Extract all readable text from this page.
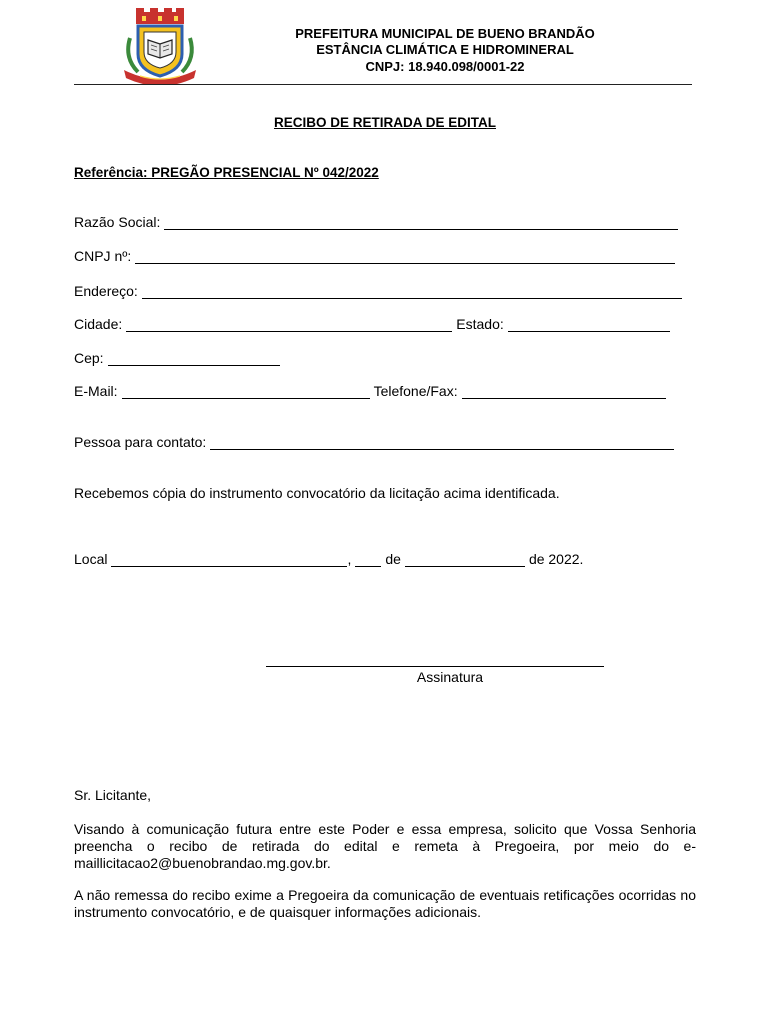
PREFEITURA MUNICIPAL DE BUENO BRANDÃO
ESTÂNCIA CLIMÁTICA E HIDROMINERAL
CNPJ: 18.940.098/0001-22
RECIBO DE RETIRADA DE EDITAL
Referência: PREGÃO PRESENCIAL Nº 042/2022
Razão Social:
CNPJ nº:
Endereço:
Cidade:	Estado:
Cep:
E-Mail:	Telefone/Fax:
Pessoa para contato:
Recebemos cópia do instrumento convocatório da licitação acima identificada.
Local	, de	de 2022.
Assinatura
Sr. Licitante,
Visando à comunicação futura entre este Poder e essa empresa, solicito que Vossa Senhoria preencha o recibo de retirada do edital e remeta à Pregoeira, por meio do e-maillicitacao2@buenobrandao.mg.gov.br.
A não remessa do recibo exime a Pregoeira da comunicação de eventuais retificações ocorridas no instrumento convocatório, e de quaisquer informações adicionais.
